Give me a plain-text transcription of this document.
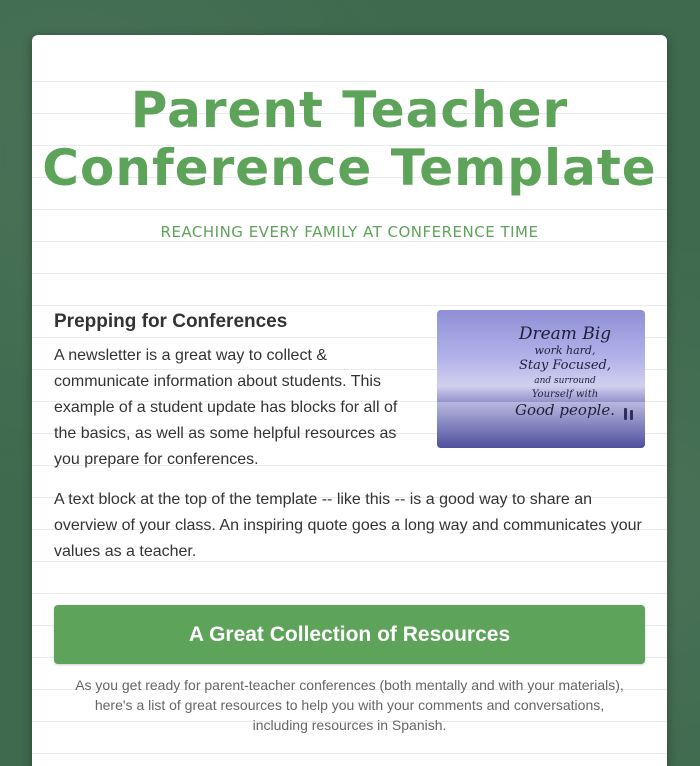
Parent Teacher
Conference Template
REACHING EVERY FAMILY AT CONFERENCE TIME
Prepping for Conferences
A newsletter is a great way to collect & communicate information about students. This example of a student update has blocks for all of the basics, as well as some helpful resources as you prepare for conferences.
Dream Big
work hard,
Stay Focused,
and surround
Yourself with
Good people.
A text block at the top of the template -- like this -- is a good way to share an overview of your class. An inspiring quote goes a long way and communicates your values as a teacher.
A Great Collection of Resources
As you get ready for parent-teacher conferences (both mentally and with your materials), here's a list of great resources to help you with your comments and conversations, including resources in Spanish.
